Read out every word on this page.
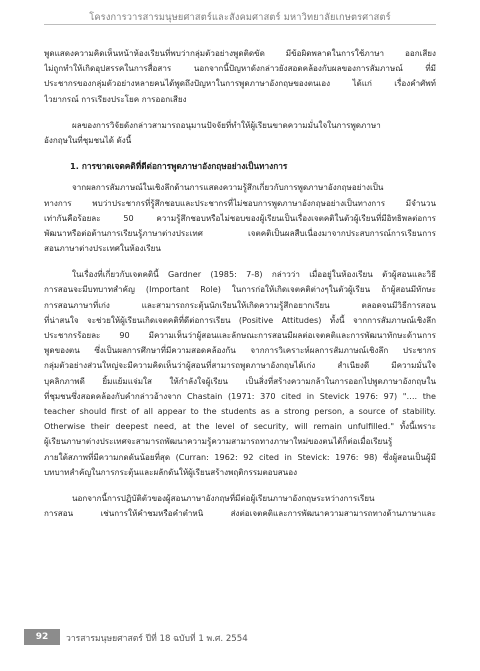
โครงการวารสารมนุษยศาสตร์และสังคมศาสตร์ มหาวิทยาลัยเกษตรศาสตร์
พูดแสดงความคิดเห็นหน้าห้องเรียนที่พบว่ากลุ่มตัวอย่างพูดติดขัด มีข้อผิดพลาดในการใช้ภาษา ออกเสียง
ไม่ถูกทำให้เกิดอุปสรรคในการสื่อสาร นอกจากนี้ปัญหาดังกล่าวยังสอดคล้องกับผลของการสัมภาษณ์ ที่มี
ประชากรของกลุ่มตัวอย่างหลายคนได้พูดถึงปัญหาในการพูดภาษาอังกฤษของตนเอง ได้แก่ เรื่องคำศัพท์
ไวยากรณ์ การเรียงประโยค การออกเสียง
ผลของการวิจัยดังกล่าวสามารถอนุมานปัจจัยที่ทำให้ผู้เรียนขาดความมั่นใจในการพูดภาษา
อังกฤษในที่ชุมชนได้ ดังนี้
1. การขาดเจตคติที่ดีต่อการพูดภาษาอังกฤษอย่างเป็นทางการ
จากผลการสัมภาษณ์ในเชิงลึกด้านการแสดงความรู้สึกเกี่ยวกับการพูดภาษาอังกฤษอย่างเป็น
ทางการ พบว่าประชากรที่รู้สึกชอบและประชากรที่ไม่ชอบการพูดภาษาอังกฤษอย่างเป็นทางการ มีจำนวน
เท่ากันคือร้อยละ 50 ความรู้สึกชอบหรือไม่ชอบของผู้เรียนเป็นเรื่องเจตคติในตัวผู้เรียนที่มีอิทธิพลต่อการ
พัฒนาหรือต่อต้านการเรียนรู้ภาษาต่างประเทศ เจตคติเป็นผลสืบเนื่องมาจากประสบการณ์การเรียนการ
สอนภาษาต่างประเทศในห้องเรียน
ในเรื่องที่เกี่ยวกับเจตคตินี้ Gardner (1985: 7-8) กล่าวว่า เมื่ออยู่ในห้องเรียน ตัวผู้สอนและวิธี
การสอนจะมีบทบาทสำคัญ (Important Role) ในการก่อให้เกิดเจตคติต่างๆในตัวผู้เรียน ถ้าผู้สอนมีทักษะ
การสอนภาษาที่เก่ง และสามารถกระตุ้นนักเรียนให้เกิดความรู้สึกอยากเรียน ตลอดจนมีวิธีการสอน
ที่น่าสนใจ จะช่วยให้ผู้เรียนเกิดเจตคติที่ดีต่อการเรียน (Positive Attitudes) ทั้งนี้ จากการสัมภาษณ์เชิงลึก
ประชากรร้อยละ 90 มีความเห็นว่าผู้สอนและลักษณะการสอนมีผลต่อเจตคติและการพัฒนาทักษะด้านการ
พูดของตน ซึ่งเป็นผลการศึกษาที่มีความสอดคล้องกัน จากการวิเคราะห์ผลการสัมภาษณ์เชิงลึก ประชากร
กลุ่มตัวอย่างส่วนใหญ่จะมีความคิดเห็นว่าผู้สอนที่สามารถพูดภาษาอังกฤษได้เก่ง สำเนียงดี มีความมั่นใจ
บุคลิกภาพดี ยิ้มแย้มแจ่มใส ให้กำลังใจผู้เรียน เป็นสิ่งที่สร้างความกล้าในการออกไปพูดภาษาอังกฤษใน
ที่ชุมชนซึ่งสอดคล้องกับคำกล่าวอ้างจาก Chastain (1971: 370 cited in Stevick 1976: 97) "…. the
teacher should first of all appear to the students as a strong person, a source of stability.
Otherwise their deepest need, at the level of security, will remain unfulfilled." ทั้งนี้เพราะ
ผู้เรียนภาษาต่างประเทศจะสามารถพัฒนาความรู้ความสามารถทางภาษาใหม่ของตนได้ก็ต่อเมื่อเรียนรู้
ภายใต้สภาพที่มีความกดดันน้อยที่สุด (Curran: 1962: 92 cited in Stevick: 1976: 98) ซึ่งผู้สอนเป็นผู้มี
บทบาทสำคัญในการกระตุ้นและผลักดันให้ผู้เรียนสร้างพฤติกรรมตอบสนอง
นอกจากนี้การปฏิบัติตัวของผู้สอนภาษาอังกฤษที่มีต่อผู้เรียนภาษาอังกฤษระหว่างการเรียน
การสอน เช่นการให้คำชมหรือคำตำหนิ ส่งต่อเจตคติและการพัฒนาความสามารถทางด้านภาษาและ
92	วารสารมนุษยศาสตร์ ปีที่ 18 ฉบับที่ 1 พ.ศ. 2554
